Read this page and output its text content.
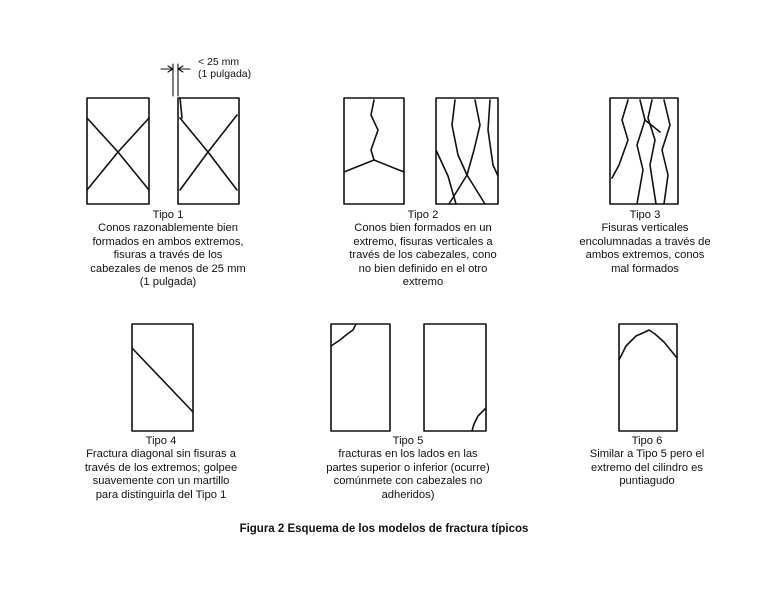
< 25 mm
(1 pulgada)
Tipo 1
Conos razonablemente bien
formados en ambos extremos,
fisuras a través de los
cabezales de menos de 25 mm
(1 pulgada)
Tipo 2
Conos bien formados en un
extremo, fisuras verticales a
través de los cabezales, cono
no bien definido en el otro
extremo
Tipo 3
Fisuras verticales
encolumnadas a través de
ambos extremos, conos
mal formados
Tipo 4
Fractura diagonal sin fisuras a
través de los extremos; golpee
suavemente con un martillo
para distinguirla del Tipo 1
Tipo 5
fracturas en los lados en las
partes superior o inferior (ocurre)
comúnmete con cabezales no
adheridos)
Tipo 6
Similar a Tipo 5 pero el
extremo del cilindro es
puntiagudo
Figura 2 Esquema de los modelos de fractura típicos
